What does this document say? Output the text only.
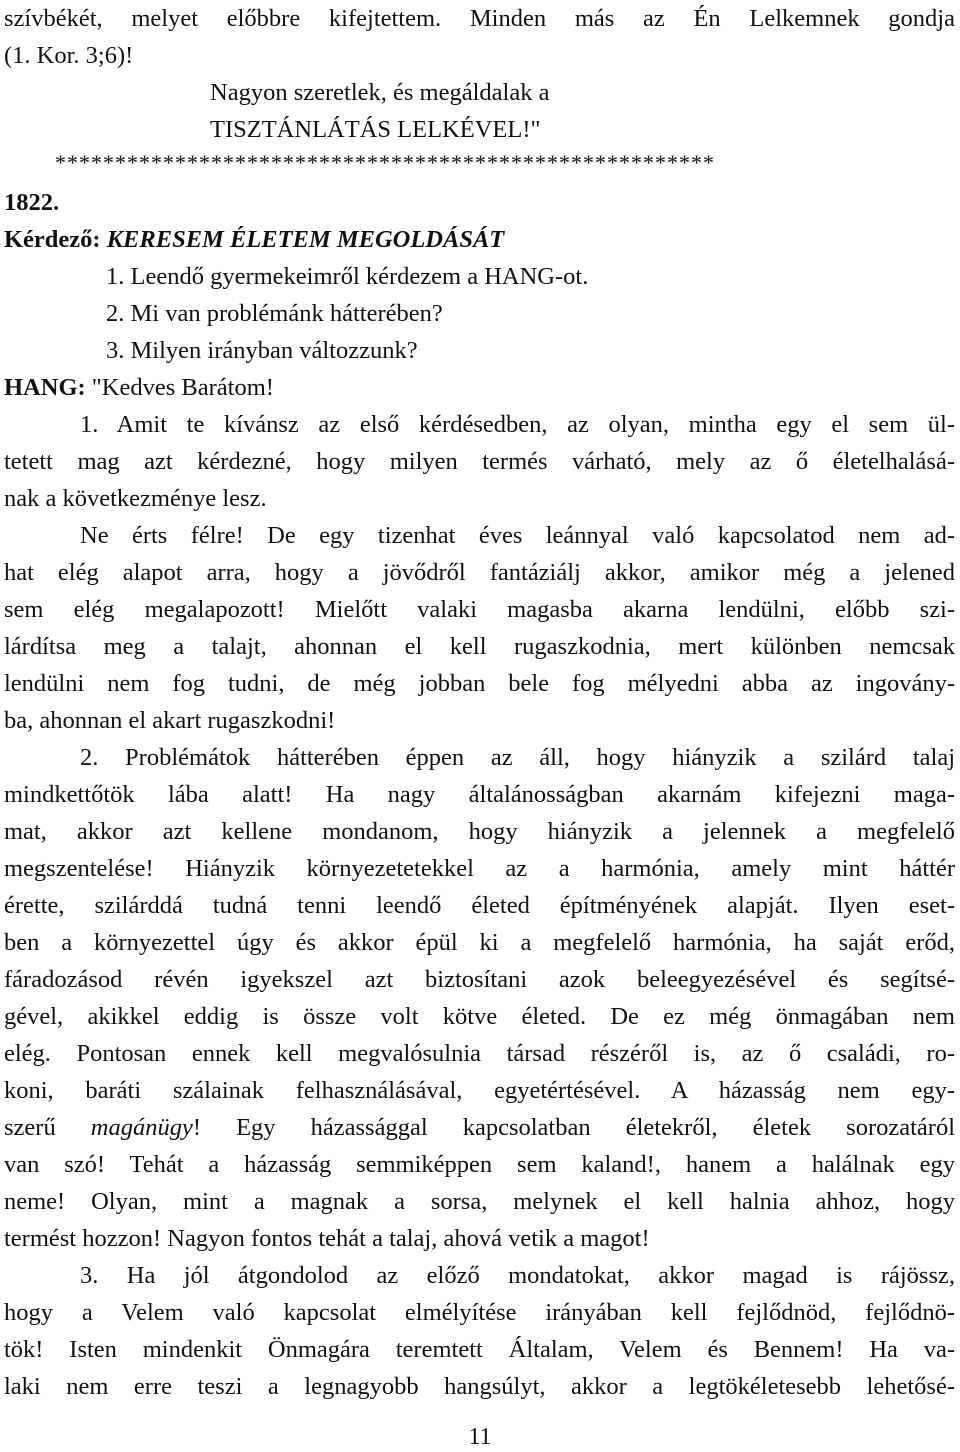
szívbékét, melyet előbbre kifejtettem. Minden más az Én Lelkemnek gondja
(1. Kor. 3;6)!
Nagyon szeretlek, és megáldalak a
TISZTÁNLÁTÁS LELKÉVEL!"
*******************************************************
1822.
Kérdező: KERESEM ÉLETEM MEGOLDÁSÁT
1. Leendő gyermekeimről kérdezem a HANG-ot.
2. Mi van problémánk hátterében?
3. Milyen irányban változzunk?
HANG: "Kedves Barátom!
1. Amit te kívánsz az első kérdésedben, az olyan, mintha egy el sem ül-
tetett mag azt kérdezné, hogy milyen termés várható, mely az ő életelhalásá-
nak a következménye lesz.
Ne érts félre! De egy tizenhat éves leánnyal való kapcsolatod nem ad-
hat elég alapot arra, hogy a jövődről fantáziálj akkor, amikor még a jelened
sem elég megalapozott! Mielőtt valaki magasba akarna lendülni, előbb szi-
lárdítsa meg a talajt, ahonnan el kell rugaszkodnia, mert különben nemcsak
lendülni nem fog tudni, de még jobban bele fog mélyedni abba az ingovány-
ba, ahonnan el akart rugaszkodni!
2. Problémátok hátterében éppen az áll, hogy hiányzik a szilárd talaj
mindkettőtök lába alatt! Ha nagy általánosságban akarnám kifejezni maga-
mat, akkor azt kellene mondanom, hogy hiányzik a jelennek a megfelelő
megszentelése! Hiányzik környezetetekkel az a harmónia, amely mint háttér
érette, szilárddá tudná tenni leendő életed építményének alapját. Ilyen eset-
ben a környezettel úgy és akkor épül ki a megfelelő harmónia, ha saját erőd,
fáradozásod révén igyekszel azt biztosítani azok beleegyezésével és segítsé-
gével, akikkel eddig is össze volt kötve életed. De ez még önmagában nem
elég. Pontosan ennek kell megvalósulnia társad részéről is, az ő családi, ro-
koni, baráti szálainak felhasználásával, egyetértésével. A házasság nem egy-
szerű magánügy! Egy házassággal kapcsolatban életekről, életek sorozatáról
van szó! Tehát a házasság semmiképpen sem kaland!, hanem a halálnak egy
neme! Olyan, mint a magnak a sorsa, melynek el kell halnia ahhoz, hogy
termést hozzon! Nagyon fontos tehát a talaj, ahová vetik a magot!
3. Ha jól átgondolod az előző mondatokat, akkor magad is rájössz,
hogy a Velem való kapcsolat elmélyítése irányában kell fejlődnöd, fejlődnö-
tök! Isten mindenkit Önmagára teremtett Általam, Velem és Bennem! Ha va-
laki nem erre teszi a legnagyobb hangsúlyt, akkor a legtökéletesebb lehetősé-
11
